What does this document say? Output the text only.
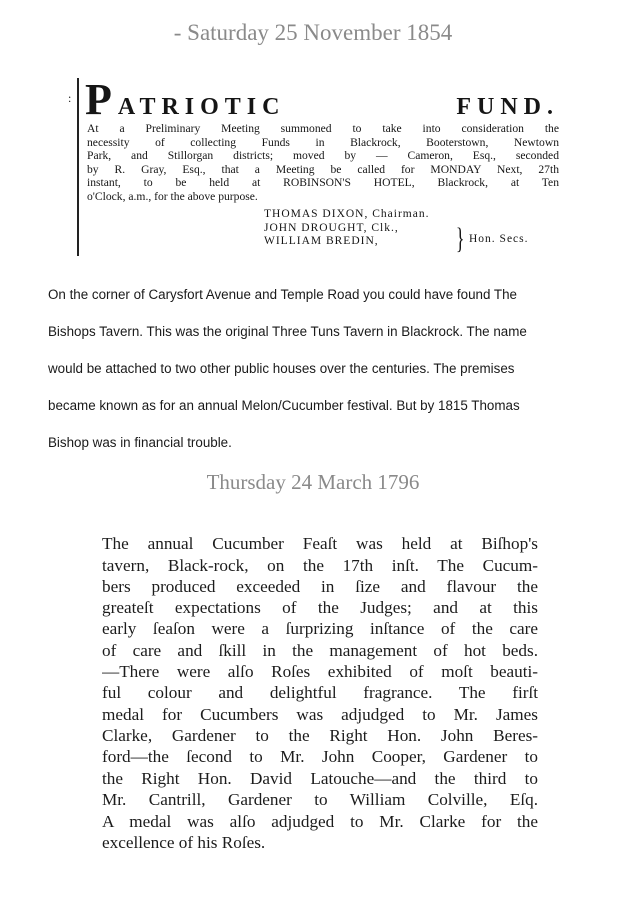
- Saturday 25 November 1854
: P ATRIOTIC	FUND.
At a Preliminary Meeting summoned to take into consideration the
necessity of collecting Funds in Blackrock, Booterstown, Newtown
Park, and Stillorgan districts; moved by — Cameron, Esq., seconded
by R. Gray, Esq., that a Meeting be called for MONDAY Next, 27th
instant, to be held at ROBINSON'S HOTEL, Blackrock, at Ten
o'Clock, a.m., for the above purpose.
THOMAS DIXON, Chairman.
JOHN DROUGHT, Clk.,
WILLIAM BREDIN,	} Hon. Secs.
On the corner of Carysfort Avenue and Temple Road you could have found The
Bishops Tavern. This was the original Three Tuns Tavern in Blackrock. The name
would be attached to two other public houses over the centuries. The premises
became known as for an annual Melon/Cucumber festival. But by 1815 Thomas
Bishop was in financial trouble.
Thursday 24 March 1796
The annual Cucumber Feaſt was held at Biſhop's
tavern, Black-rock, on the 17th inſt. The Cucum-
bers produced exceeded in ſize and flavour the
greateſt expectations of the Judges; and at this
early ſeaſon were a ſurprizing inſtance of the care
of care and ſkill in the management of hot beds.
—There were alſo Roſes exhibited of moſt beauti-
ful colour and delightful fragrance. The firſt
medal for Cucumbers was adjudged to Mr. James
Clarke, Gardener to the Right Hon. John Beres-
ford—the ſecond to Mr. John Cooper, Gardener to
the Right Hon. David Latouche—and the third to
Mr. Cantrill, Gardener to William Colville, Eſq.
A medal was alſo adjudged to Mr. Clarke for the
excellence of his Roſes.
